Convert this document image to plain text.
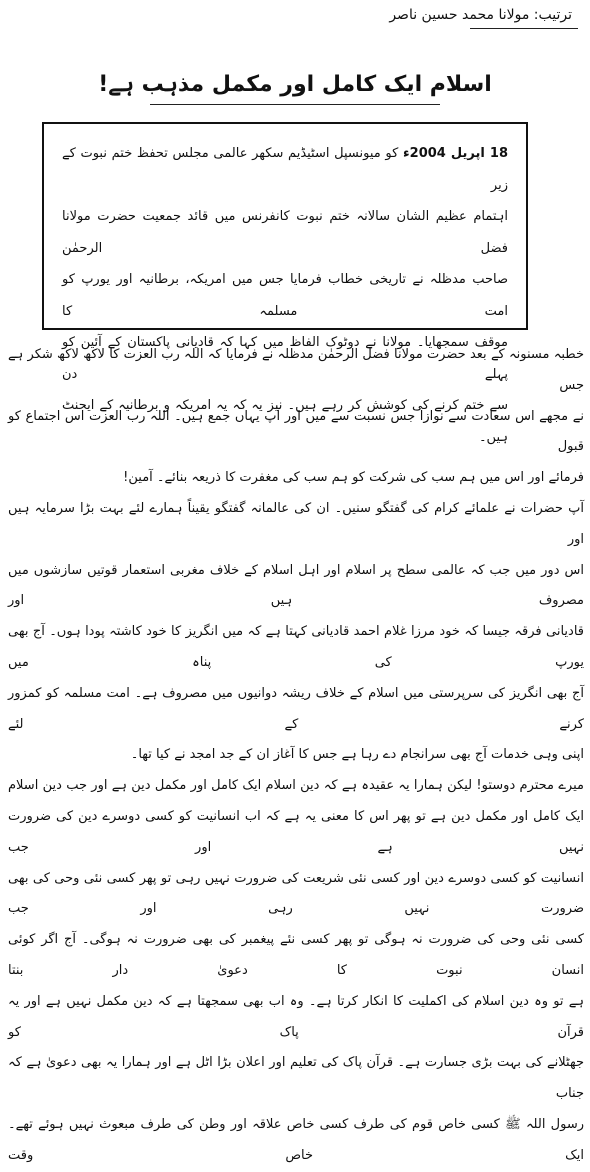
ترتیب: مولانا محمد حسین ناصر
اسلام ایک کامل اور مکمل مذہب ہے!

18 اپریل 2004ء کو میونسپل اسٹیڈیم سکھر عالمی مجلس تحفظ ختم نبوت کے زیر

اہتمام عظیم الشان سالانہ ختم نبوت کانفرنس میں قائد جمعیت حضرت مولانا فضل الرحمٰن

صاحب مدظلہ نے تاریخی خطاب فرمایا جس میں امریکہ، برطانیہ اور یورپ کو امت مسلمہ کا

موقف سمجھایا۔ مولانا نے دوٹوک الفاظ میں کہا کہ قادیانی پاکستان کے آئین کو پہلے دن

سے ختم کرنے کی کوشش کر رہے ہیں۔ نیز یہ کہ یہ امریکہ و برطانیہ کے ایجنٹ ہیں۔

خطبہ مسنونہ کے بعد حضرت مولانا فضل الرحمٰن مدظلہ نے فرمایا کہ اللہ رب العزت کا لاکھ لاکھ شکر ہے جس

نے مجھے اس سعادت سے نوازا جس نسبت سے میں اور آپ یہاں جمع ہیں۔ اللہ رب العزت اس اجتماع کو قبول

فرمائے اور اس میں ہم سب کی شرکت کو ہم سب کی مغفرت کا ذریعہ بنائے۔ آمین!

آپ حضرات نے علمائے کرام کی گفتگو سنیں۔ ان کی عالمانہ گفتگو یقیناً ہمارے لئے بہت بڑا سرمایہ ہیں اور

اس دور میں جب کہ عالمی سطح پر اسلام اور اہل اسلام کے خلاف مغربی استعمار قوتیں سازشوں میں مصروف ہیں اور

قادیانی فرقہ جیسا کہ خود مرزا غلام احمد قادیانی کہتا ہے کہ میں انگریز کا خود کاشتہ پودا ہوں۔ آج بھی یورپ کی پناہ میں

آج بھی انگریز کی سرپرستی میں اسلام کے خلاف ریشہ دوانیوں میں مصروف ہے۔ امت مسلمہ کو کمزور کرنے کے لئے

اپنی وہی خدمات آج بھی سرانجام دے رہا ہے جس کا آغاز ان کے جد امجد نے کیا تھا۔

میرے محترم دوستو! لیکن ہمارا یہ عقیدہ ہے کہ دین اسلام ایک کامل اور مکمل دین ہے اور جب دین اسلام

ایک کامل اور مکمل دین ہے تو پھر اس کا معنی یہ ہے کہ اب انسانیت کو کسی دوسرے دین کی ضرورت نہیں ہے اور جب

انسانیت کو کسی دوسرے دین اور کسی نئی شریعت کی ضرورت نہیں رہی تو پھر کسی نئی وحی کی بھی ضرورت نہیں رہی اور جب

کسی نئی وحی کی ضرورت نہ ہوگی تو پھر کسی نئے پیغمبر کی بھی ضرورت نہ ہوگی۔ آج اگر کوئی انسان نبوت کا دعویٰ دار بنتا

ہے تو وہ دین اسلام کی اکملیت کا انکار کرتا ہے۔ وہ اب بھی سمجھتا ہے کہ دین مکمل نہیں ہے اور یہ قرآن پاک کو

جھٹلانے کی بہت بڑی جسارت ہے۔ قرآن پاک کی تعلیم اور اعلان بڑا اٹل ہے اور ہمارا یہ بھی دعویٰ ہے کہ جناب

رسول اللہ ﷺ کسی خاص قوم کی طرف کسی خاص علاقہ اور وطن کی طرف مبعوث نہیں ہوئے تھے۔ ایک خاص وقت
